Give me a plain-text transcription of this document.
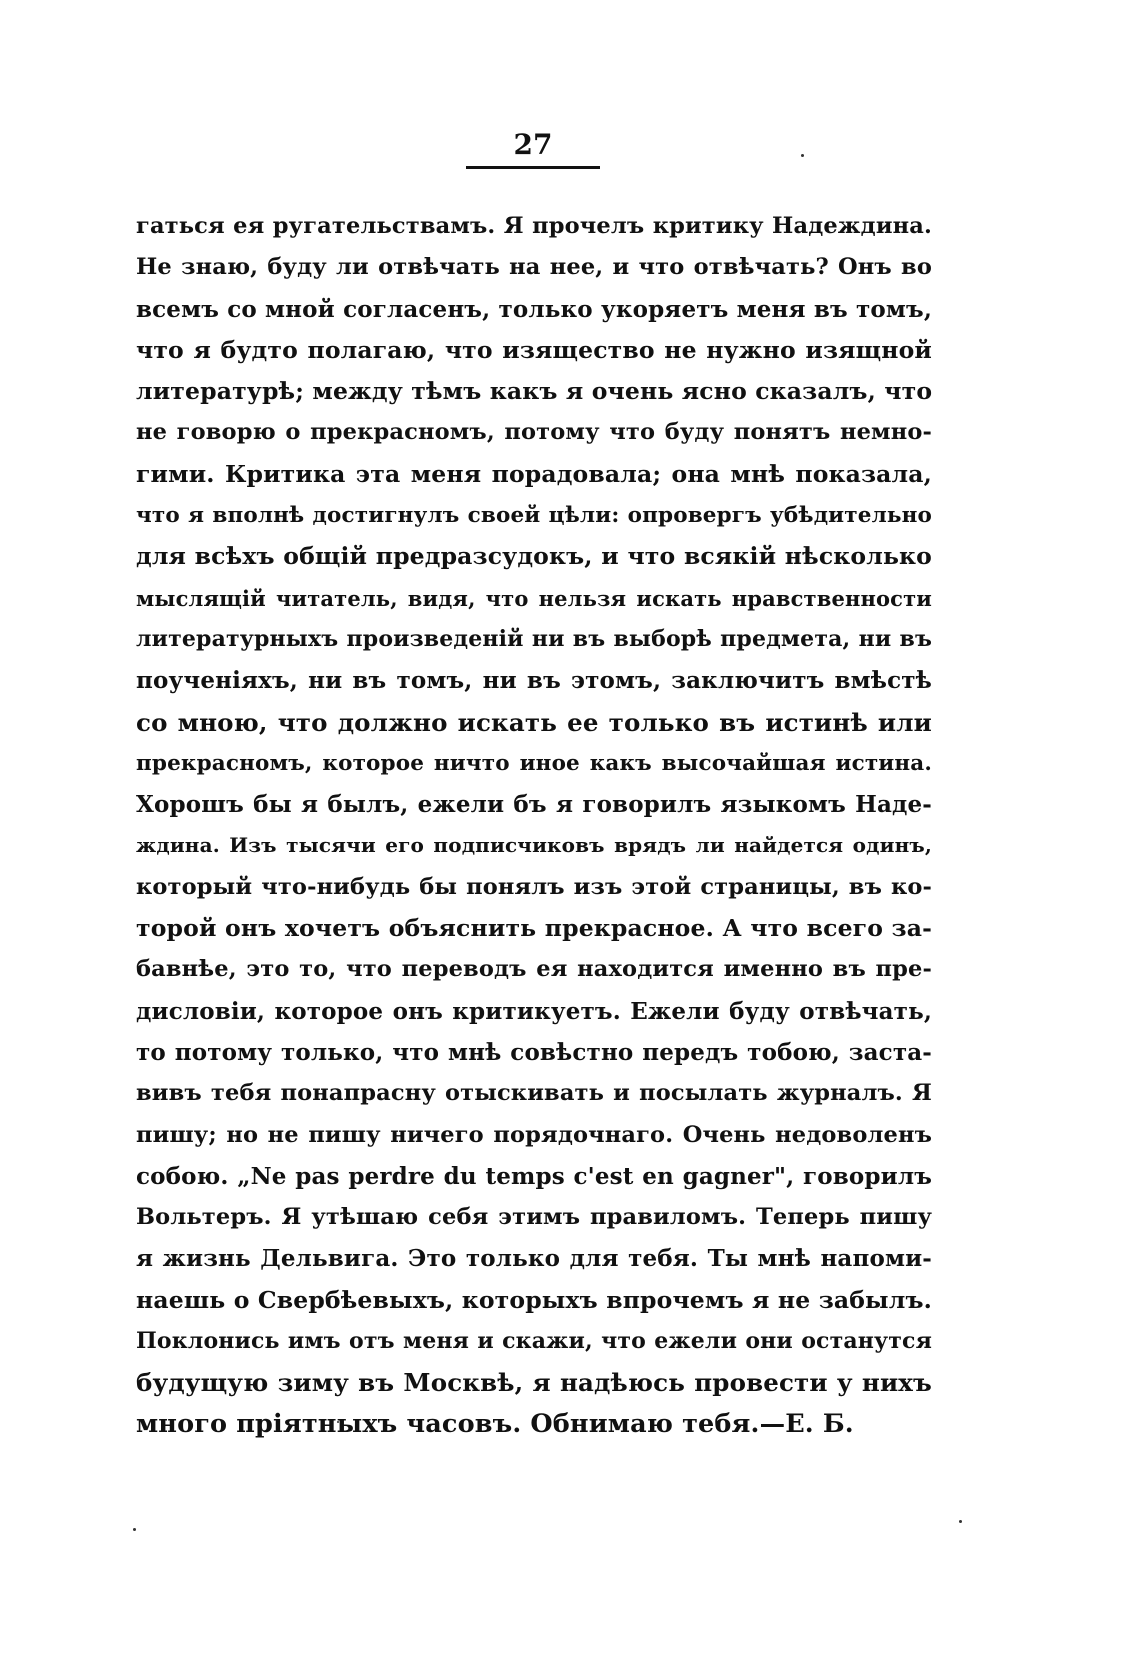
27
гаться ея ругательствамъ. Я прочелъ критику Надеждина.
Не знаю, буду ли отвѣчать на нее, и что отвѣчать? Онъ во
всемъ со мной согласенъ, только укоряетъ меня въ томъ,
что я будто полагаю, что изящество не нужно изящной
литературѣ; между тѣмъ какъ я очень ясно сказалъ, что
не говорю о прекрасномъ, потому что буду понятъ немно-
гими. Критика эта меня порадовала; она мнѣ показала,
что я вполнѣ достигнулъ своей цѣли: опровергъ убѣдительно
для всѣхъ общій предразсудокъ, и что всякій нѣсколько
мыслящій читатель, видя, что нельзя искать нравственности
литературныхъ произведеній ни въ выборѣ предмета, ни въ
поученіяхъ, ни въ томъ, ни въ этомъ, заключитъ вмѣстѣ
со мною, что должно искать ее только въ истинѣ или
прекрасномъ, которое ничто иное какъ высочайшая истина.
Хорошъ бы я былъ, ежели бъ я говорилъ языкомъ Наде-
ждина. Изъ тысячи его подписчиковъ врядъ ли найдется одинъ,
который что-нибудь бы понялъ изъ этой страницы, въ ко-
торой онъ хочетъ объяснить прекрасное. А что всего за-
бавнѣе, это то, что переводъ ея находится именно въ пре-
дисловіи, которое онъ критикуетъ. Ежели буду отвѣчать,
то потому только, что мнѣ совѣстно передъ тобою, застa-
вивъ тебя понапрасну отыскивать и посылать журналъ. Я
пишу; но не пишу ничего порядочнаго. Очень недоволенъ
собою. „Ne pas perdre du temps c'est en gagner", говорилъ
Вольтеръ. Я утѣшаю себя этимъ правиломъ. Теперь пишу
я жизнь Дельвига. Это только для тебя. Ты мнѣ напоми-
наешь о Свербѣевыхъ, которыхъ впрочемъ я не забылъ.
Поклонись имъ отъ меня и скажи, что ежели они останутся
будущую зиму въ Москвѣ, я надѣюсь провести у нихъ
много пріятныхъ часовъ. Обнимаю тебя.—Е. Б.
